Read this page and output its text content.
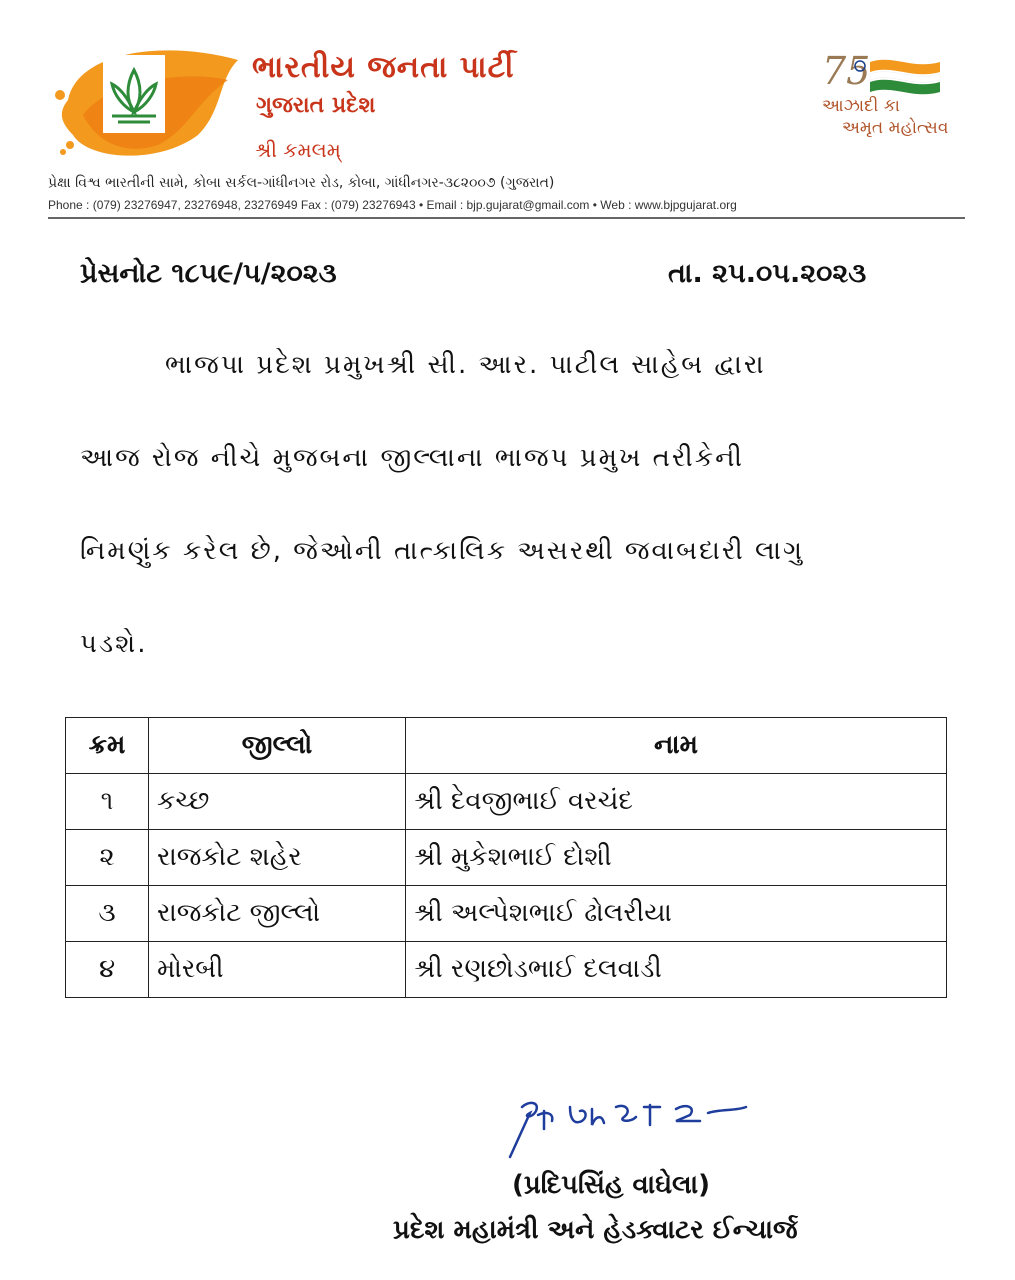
ભારતીય જનતા પાર્ટી
ગુજરાત પ્રદેશ
શ્રી કમલમ્
75
આઝાદી કા
અમૃત મહોત્સવ
પ્રેક્ષા વિશ્વ ભારતીની સામે, કોબા સર્કલ-ગાંધીનગર રોડ, કોબા, ગાંધીનગર-૩૮૨૦૦૭ (ગુજરાત)
Phone : (079) 23276947, 23276948, 23276949 Fax : (079) 23276943 • Email : bjp.gujarat@gmail.com • Web : www.bjpgujarat.org
પ્રેસનોટ ૧૮૫૯/૫/૨૦૨૩	તા. ૨૫.૦૫.૨૦૨૩
ભાજપા પ્રદેશ પ્રમુખશ્રી સી. આર. પાટીલ સાહેબ દ્વારા
આજ રોજ નીચે મુજબના જીલ્લાના ભાજપ પ્રમુખ તરીકેની
નિમણુંક કરેલ છે, જેઓની તાત્કાલિક અસરથી જવાબદારી લાગુ
પડશે.
ક્રમ	જીલ્લો	નામ
૧	કચ્છ	શ્રી દેવજીભાઈ વરચંદ
૨	રાજકોટ શહેર	શ્રી મુકેશભાઈ દોશી
૩	રાજકોટ જીલ્લો	શ્રી અલ્પેશભાઈ ઢોલરીયા
૪	મોરબી	શ્રી રણછોડભાઈ દલવાડી
(પ્રદિપસિંહ વાઘેલા)
પ્રદેશ મહામંત્રી અને હેડક્વાટર ઈન્ચાર્જ
